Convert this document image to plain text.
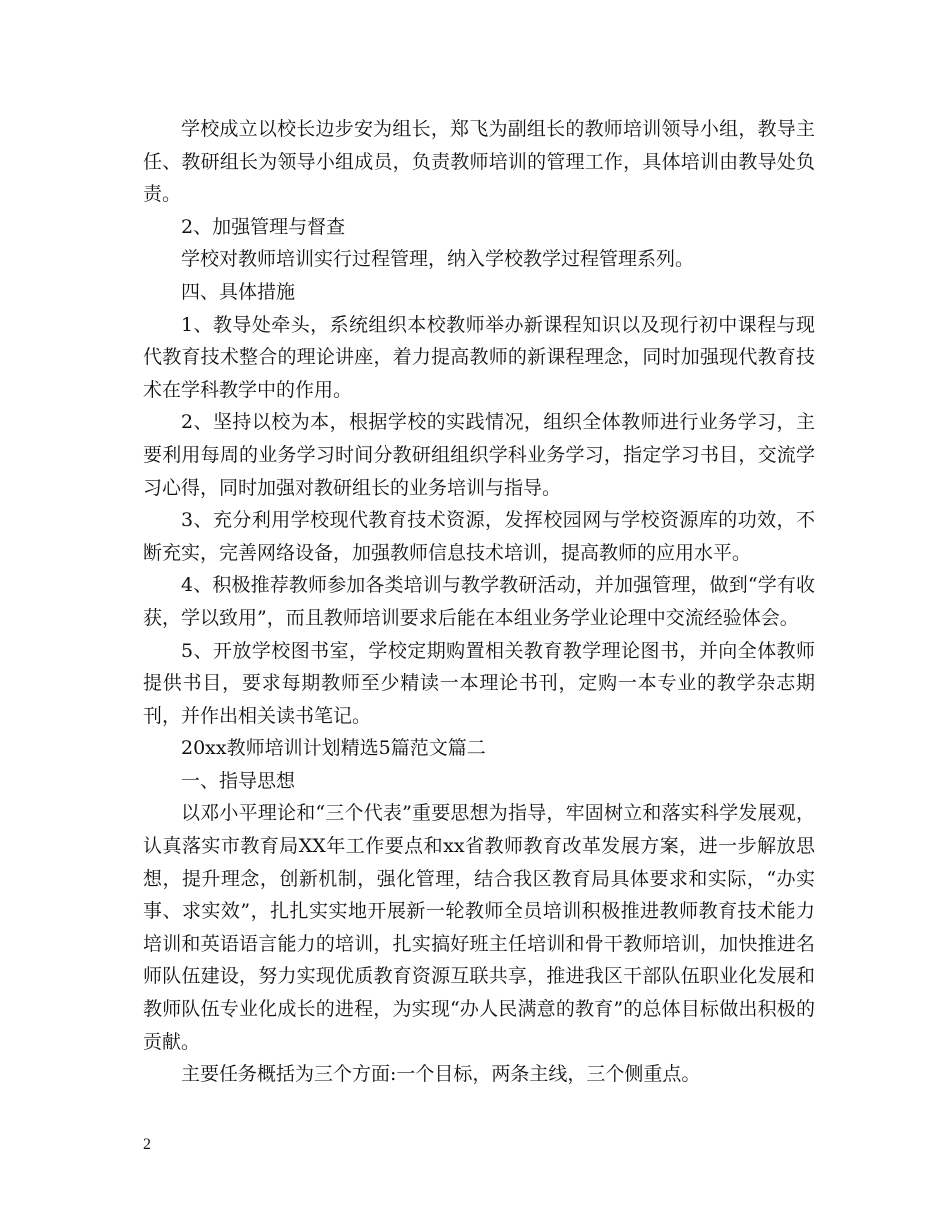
学校成立以校长边步安为组长，郑飞为副组长的教师培训领导小组，教导主任、教研组长为领导小组成员，负责教师培训的管理工作，具体培训由教导处负责。

2、加强管理与督查

学校对教师培训实行过程管理，纳入学校教学过程管理系列。

四、具体措施

1、教导处牵头，系统组织本校教师举办新课程知识以及现行初中课程与现代教育技术整合的理论讲座，着力提高教师的新课程理念，同时加强现代教育技术在学科教学中的作用。

2、坚持以校为本，根据学校的实践情况，组织全体教师进行业务学习，主要利用每周的业务学习时间分教研组组织学科业务学习，指定学习书目，交流学习心得，同时加强对教研组长的业务培训与指导。

3、充分利用学校现代教育技术资源，发挥校园网与学校资源库的功效，不断充实，完善网络设备，加强教师信息技术培训，提高教师的应用水平。

4、积极推荐教师参加各类培训与教学教研活动，并加强管理，做到“学有收获，学以致用”，而且教师培训要求后能在本组业务学业论理中交流经验体会。

5、开放学校图书室，学校定期购置相关教育教学理论图书，并向全体教师提供书目，要求每期教师至少精读一本理论书刊，定购一本专业的教学杂志期刊，并作出相关读书笔记。

20xx教师培训计划精选5篇范文篇二

一、指导思想

以邓小平理论和“三个代表”重要思想为指导，牢固树立和落实科学发展观，认真落实市教育局XX年工作要点和xx省教师教育改革发展方案，进一步解放思想，提升理念，创新机制，强化管理，结合我区教育局具体要求和实际，“办实事、求实效”，扎扎实实地开展新一轮教师全员培训积极推进教师教育技术能力培训和英语语言能力的培训，扎实搞好班主任培训和骨干教师培训，加快推进名师队伍建设，努力实现优质教育资源互联共享，推进我区干部队伍职业化发展和教师队伍专业化成长的进程，为实现“办人民满意的教育”的总体目标做出积极的贡献。

主要任务概括为三个方面:一个目标，两条主线，三个侧重点。

2
